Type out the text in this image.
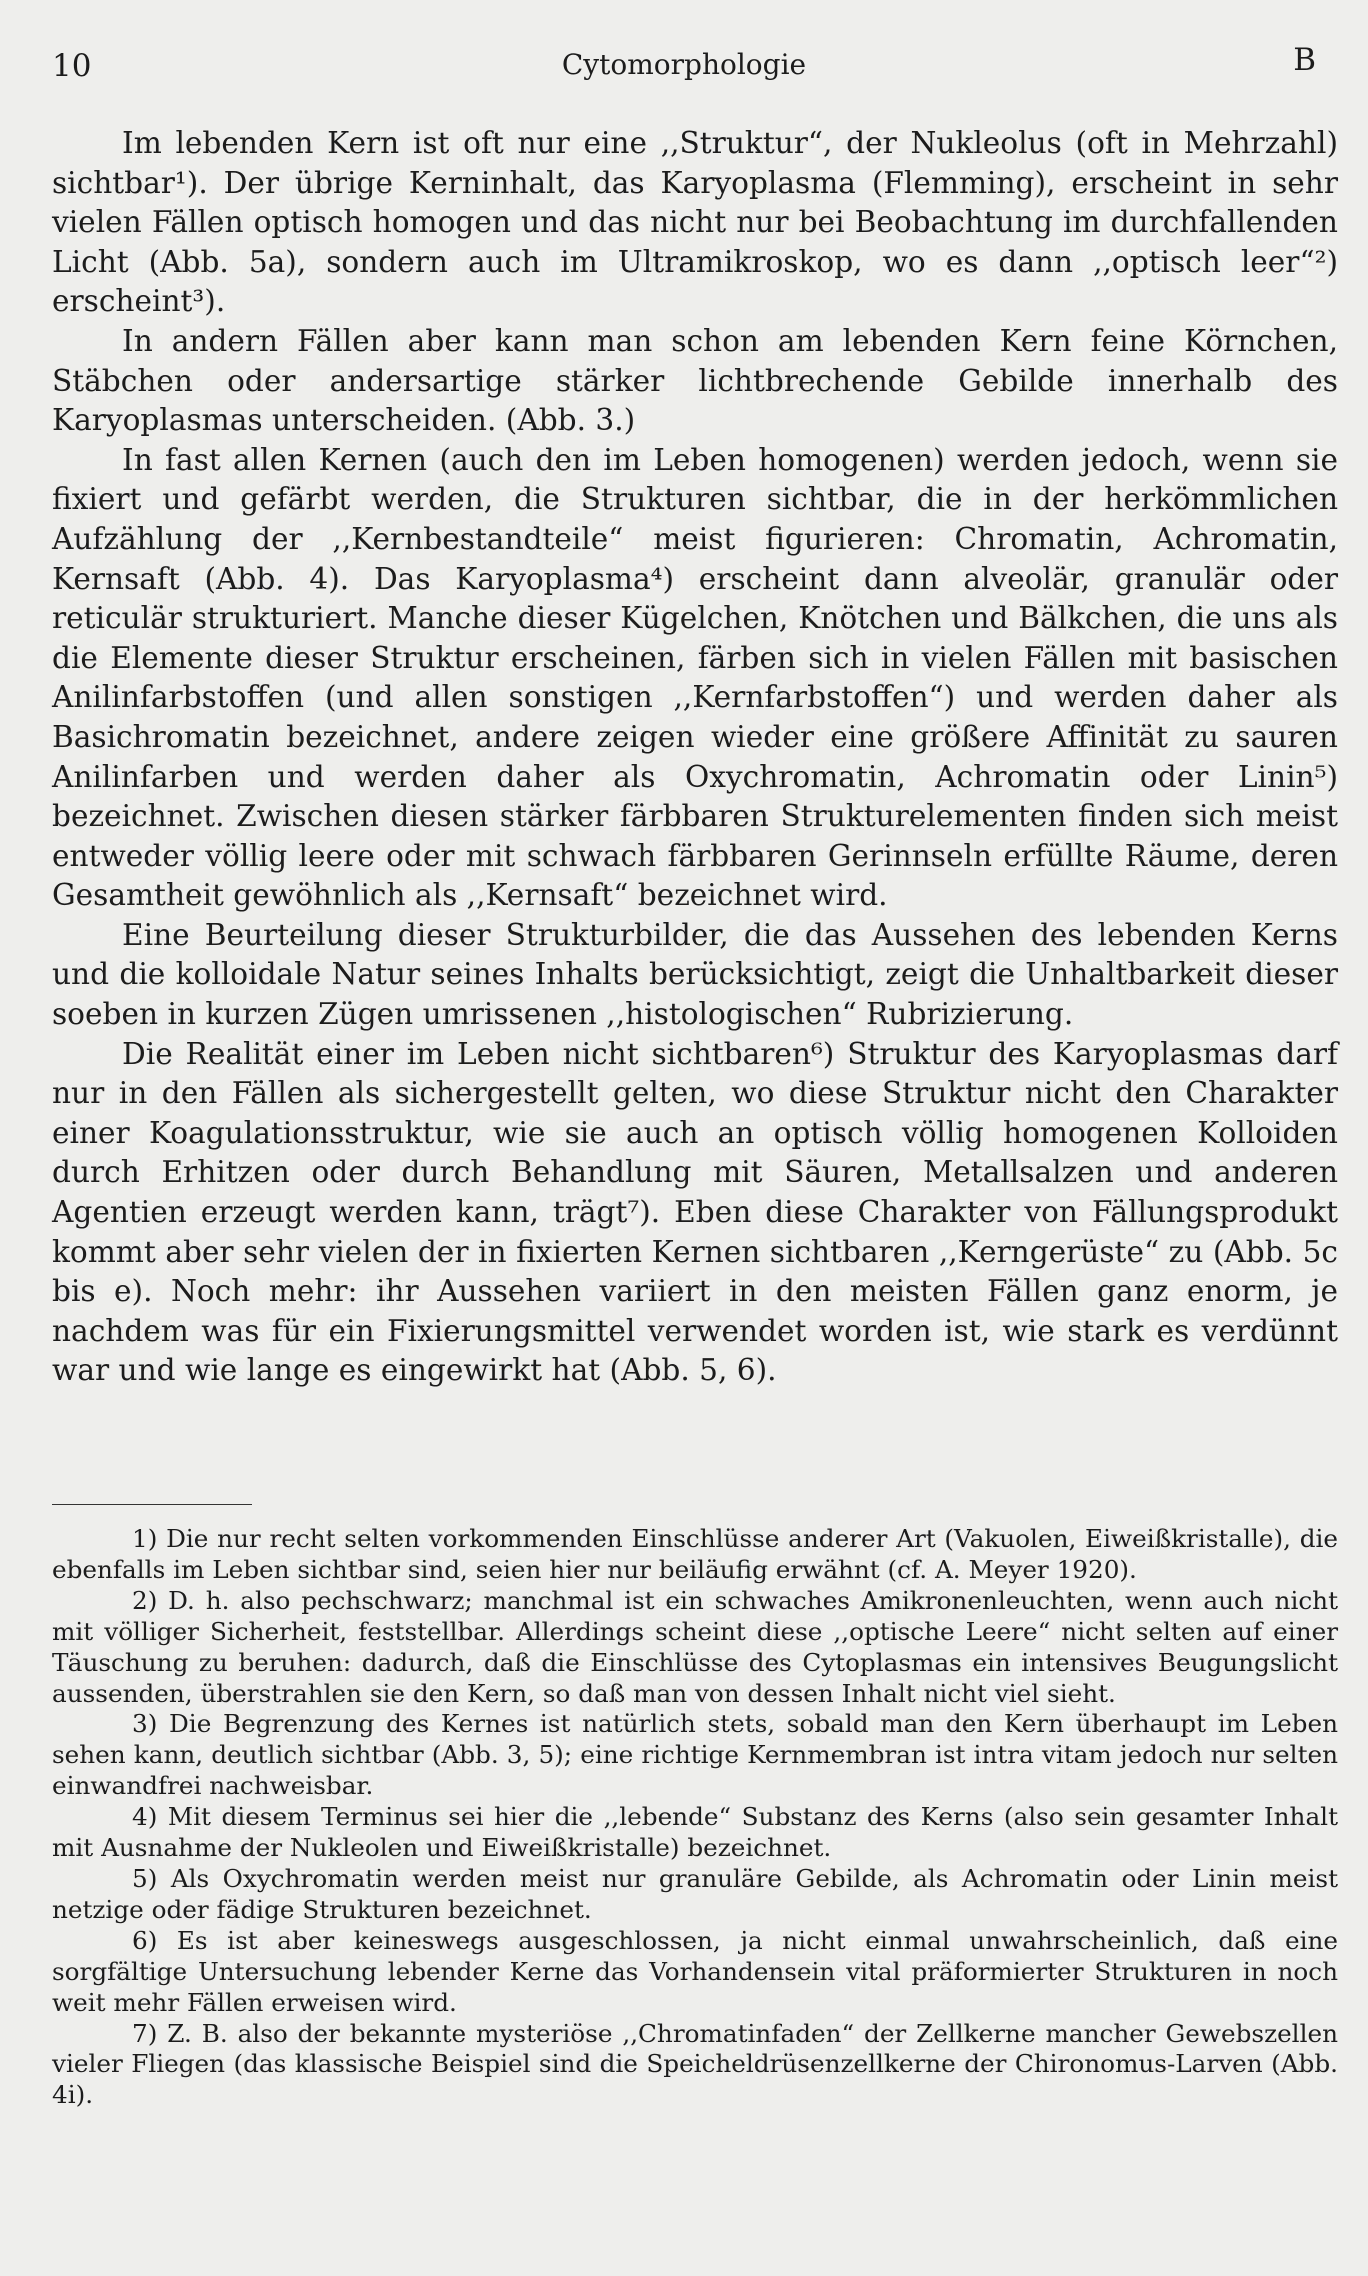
10	Cytomorphologie	B

Im lebenden Kern ist oft nur eine ,,Struktur“, der Nukleolus (oft in Mehrzahl) sichtbar¹). Der übrige Kerninhalt, das Karyoplasma (Flemming), erscheint in sehr vielen Fällen optisch homogen und das nicht nur bei Beobachtung im durchfallenden Licht (Abb. 5a), sondern auch im Ultramikroskop, wo es dann ,,optisch leer“²) erscheint³).

In andern Fällen aber kann man schon am lebenden Kern feine Körnchen, Stäbchen oder andersartige stärker lichtbrechende Gebilde innerhalb des Karyoplasmas unterscheiden. (Abb. 3.)

In fast allen Kernen (auch den im Leben homogenen) werden jedoch, wenn sie fixiert und gefärbt werden, die Strukturen sichtbar, die in der herkömmlichen Aufzählung der ,,Kernbestandteile“ meist figurieren: Chromatin, Achromatin, Kernsaft (Abb. 4). Das Karyoplasma⁴) erscheint dann alveolär, granulär oder reticulär strukturiert. Manche dieser Kügelchen, Knötchen und Bälkchen, die uns als die Elemente dieser Struktur erscheinen, färben sich in vielen Fällen mit basischen Anilinfarbstoffen (und allen sonstigen ,,Kernfarbstoffen“) und werden daher als Basichromatin bezeichnet, andere zeigen wieder eine größere Affinität zu sauren Anilinfarben und werden daher als Oxychromatin, Achromatin oder Linin⁵) bezeichnet. Zwischen diesen stärker färbbaren Strukturelementen finden sich meist entweder völlig leere oder mit schwach färbbaren Gerinnseln erfüllte Räume, deren Gesamtheit gewöhnlich als ,,Kernsaft“ bezeichnet wird.

Eine Beurteilung dieser Strukturbilder, die das Aussehen des lebenden Kerns und die kolloidale Natur seines Inhalts berücksichtigt, zeigt die Unhaltbarkeit dieser soeben in kurzen Zügen umrissenen ,,histologischen“ Rubrizierung.

Die Realität einer im Leben nicht sichtbaren⁶) Struktur des Karyoplasmas darf nur in den Fällen als sichergestellt gelten, wo diese Struktur nicht den Charakter einer Koagulationsstruktur, wie sie auch an optisch völlig homogenen Kolloiden durch Erhitzen oder durch Behandlung mit Säuren, Metallsalzen und anderen Agentien erzeugt werden kann, trägt⁷). Eben diese Charakter von Fällungsprodukt kommt aber sehr vielen der in fixierten Kernen sichtbaren ,,Kerngerüste“ zu (Abb. 5c bis e). Noch mehr: ihr Aussehen variiert in den meisten Fällen ganz enorm, je nachdem was für ein Fixierungsmittel verwendet worden ist, wie stark es verdünnt war und wie lange es eingewirkt hat (Abb. 5, 6).

1) Die nur recht selten vorkommenden Einschlüsse anderer Art (Vakuolen, Eiweißkristalle), die ebenfalls im Leben sichtbar sind, seien hier nur beiläufig erwähnt (cf. A. Meyer 1920).

2) D. h. also pechschwarz; manchmal ist ein schwaches Amikronenleuchten, wenn auch nicht mit völliger Sicherheit, feststellbar. Allerdings scheint diese ,,optische Leere“ nicht selten auf einer Täuschung zu beruhen: dadurch, daß die Einschlüsse des Cytoplasmas ein intensives Beugungslicht aussenden, überstrahlen sie den Kern, so daß man von dessen Inhalt nicht viel sieht.

3) Die Begrenzung des Kernes ist natürlich stets, sobald man den Kern überhaupt im Leben sehen kann, deutlich sichtbar (Abb. 3, 5); eine richtige Kernmembran ist intra vitam jedoch nur selten einwandfrei nachweisbar.

4) Mit diesem Terminus sei hier die ,,lebende“ Substanz des Kerns (also sein gesamter Inhalt mit Ausnahme der Nukleolen und Eiweißkristalle) bezeichnet.

5) Als Oxychromatin werden meist nur granuläre Gebilde, als Achromatin oder Linin meist netzige oder fädige Strukturen bezeichnet.

6) Es ist aber keineswegs ausgeschlossen, ja nicht einmal unwahrscheinlich, daß eine sorgfältige Untersuchung lebender Kerne das Vorhandensein vital präformierter Strukturen in noch weit mehr Fällen erweisen wird.

7) Z. B. also der bekannte mysteriöse ,,Chromatinfaden“ der Zellkerne mancher Gewebszellen vieler Fliegen (das klassische Beispiel sind die Speicheldrüsenzellkerne der Chironomus-Larven (Abb. 4i).
